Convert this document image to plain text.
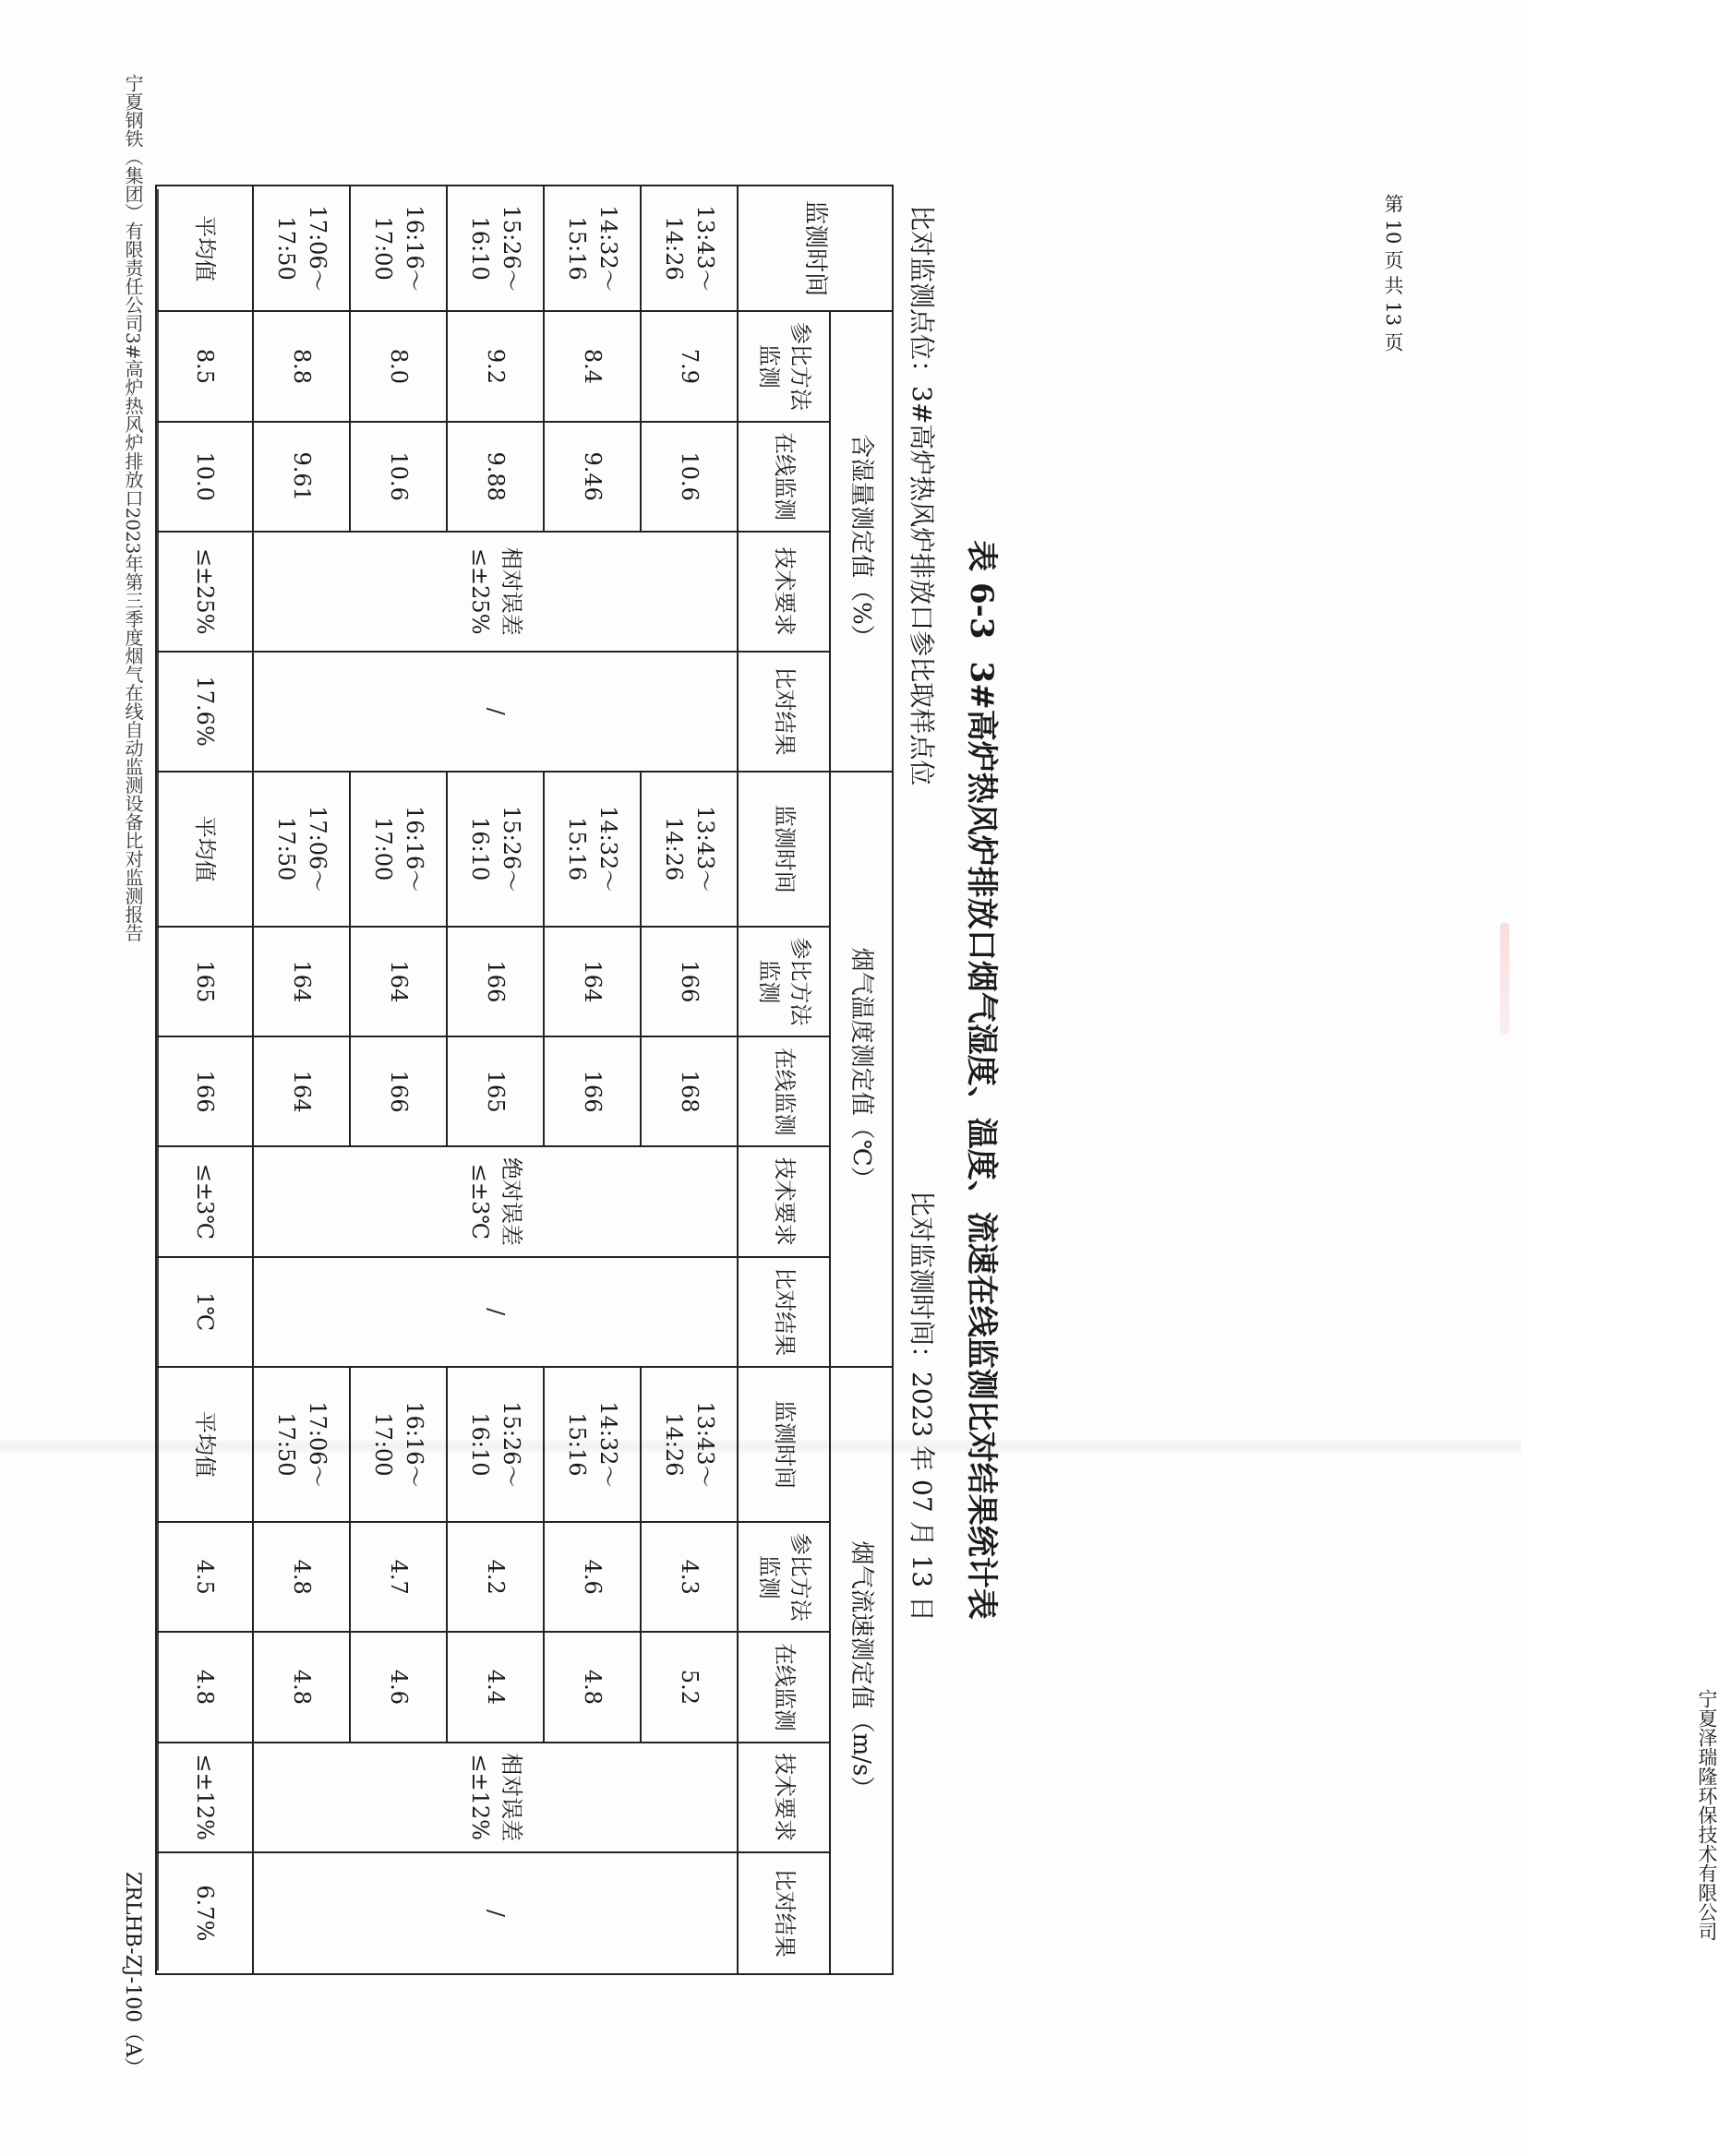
ZRLHB-ZJ-100（A）
宁夏钢铁（集团）有限责任公司3#高炉热风炉排放口2023年第三季度烟气在线自动监测设备比对监测报告	表 6-33#高炉热风炉排放口烟气湿度、温度、流速在线监测比对结果统计表
比对监测点位：3#高炉热风炉排放口参比取样点位
比对监测时间：2023 年 07 月 13 日
监测时间	含湿量测定值（%）				烟气温度测定值（℃）					烟气流速测定值（m/s）				
	参比方法监测	在线监测	技术要求	比对结果	监测时间	参比方法监测	在线监测	技术要求	比对结果	监测时间	参比方法监测	在线监测	技术要求	比对结果
13:43～14:26	7.9	10.6	相对误差≤±25%	/	13:43～14:26	166	168	绝对误差≤±3℃	/	13:43～14:26	4.3	5.2	相对误差≤±12%	/
14:32～15:16	8.4	9.46			14:32～15:16	164	166			14:32～15:16	4.6	4.8		
15:26～16:10	9.2	9.88			15:26～16:10	166	165			15:26～16:10	4.2	4.4		
16:16～17:00	8.0	10.6			16:16～17:00	164	166			16:16～17:00	4.7	4.6		
17:06～17:50	8.8	9.61			17:06～17:50	164	164			17:06～17:50	4.8	4.8		
平均值	8.5	10.0	≤±25%	17.6%	平均值	165	166	≤±3℃	1℃	平均值	4.5	4.8	≤±12%	6.7%	宁夏泽瑞隆环保技术有限公司
第 10 页 共 13 页
